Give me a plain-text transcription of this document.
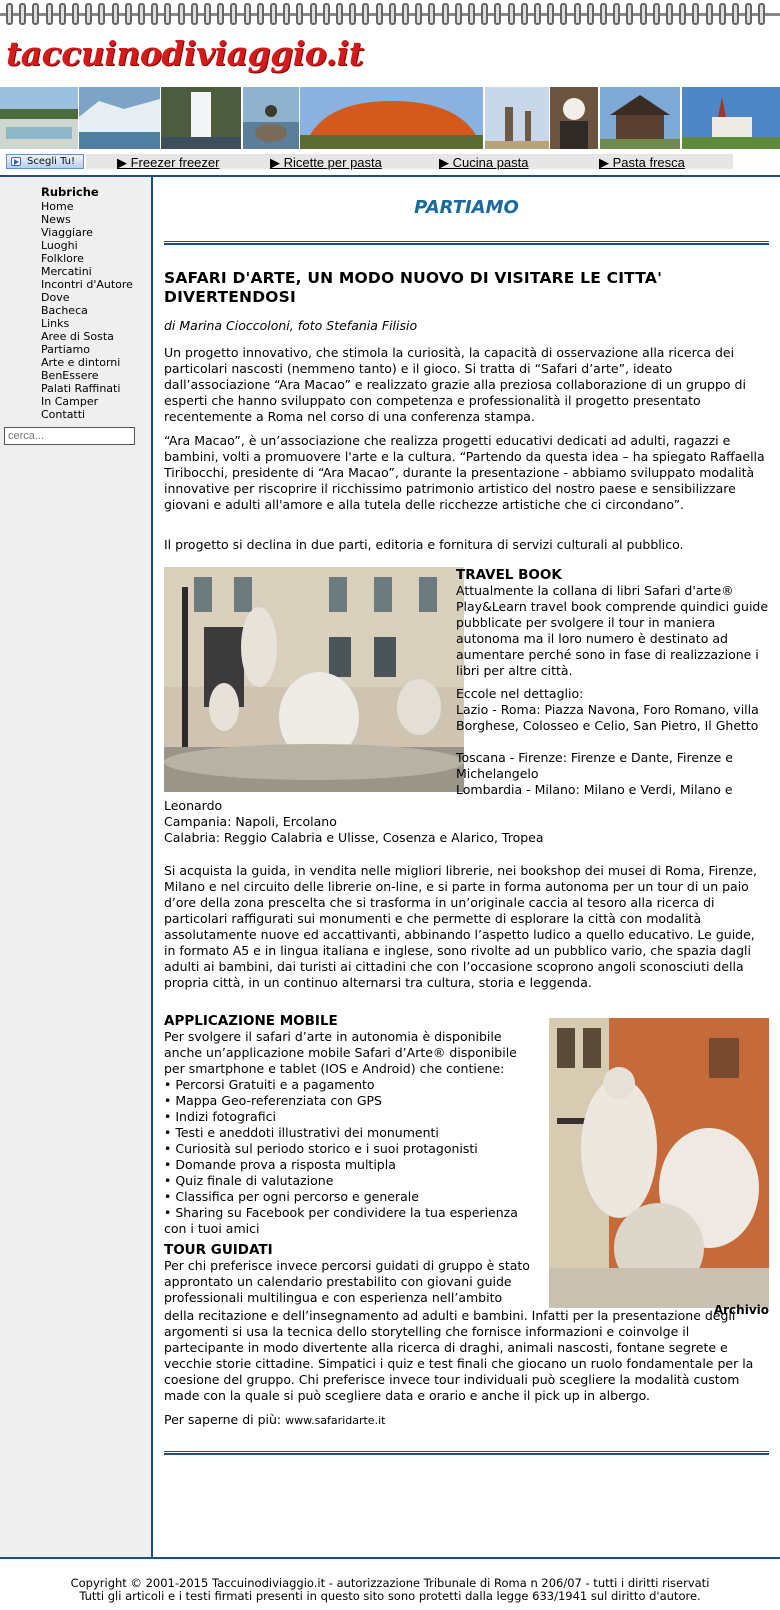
taccuinodiviaggio.it
Scegli Tu!	▶ Freezer freezer	▶ Ricette per pasta	▶ Cucina pasta	▶ Pasta fresca
Rubriche
Home
News
Viaggiare
Luoghi
Folklore
Mercatini
Incontri d'Autore
Dove
Bacheca
Links
Aree di Sosta
Partiamo
Arte e dintorni
BenEssere
Palati Raffinati
In Camper
Contatti
cerca...
PARTIAMO
SAFARI D'ARTE, UN MODO NUOVO DI VISITARE LE CITTA' DIVERTENDOSI
di Marina Cioccoloni, foto Stefania Filisio
Un progetto innovativo, che stimola la curiosità, la capacità di osservazione alla ricerca dei particolari nascosti (nemmeno tanto) e il gioco. Si tratta di “Safari d’arte”, ideato dall’associazione “Ara Macao” e realizzato grazie alla preziosa collaborazione di un gruppo di esperti che hanno sviluppato con competenza e professionalità il progetto presentato recentemente a Roma nel corso di una conferenza stampa.
“Ara Macao”, è un’associazione che realizza progetti educativi dedicati ad adulti, ragazzi e bambini, volti a promuovere l'arte e la cultura. “Partendo da questa idea – ha spiegato Raffaella Tiribocchi, presidente di “Ara Macao”, durante la presentazione - abbiamo sviluppato modalità innovative per riscoprire il ricchissimo patrimonio artistico del nostro paese e sensibilizzare giovani e adulti all'amore e alla tutela delle ricchezze artistiche che ci circondano”.
Il progetto si declina in due parti, editoria e fornitura di servizi culturali al pubblico.
TRAVEL BOOK
Attualmente la collana di libri Safari d'arte® Play&Learn travel book comprende quindici guide pubblicate per svolgere il tour in maniera autonoma ma il loro numero è destinato ad aumentare perché sono in fase di realizzazione i libri per altre città.
Eccole nel dettaglio:
Lazio - Roma: Piazza Navona, Foro Romano, villa Borghese, Colosseo e Celio, San Pietro, Il Ghetto
Toscana - Firenze: Firenze e Dante, Firenze e Michelangelo
Lombardia - Milano: Milano e Verdi, Milano e
Leonardo
Campania: Napoli, Ercolano
Calabria: Reggio Calabria e Ulisse, Cosenza e Alarico, Tropea
Si acquista la guida, in vendita nelle migliori librerie, nei bookshop dei musei di Roma, Firenze, Milano e nel circuito delle librerie on-line, e si parte in forma autonoma per un tour di un paio d’ore della zona prescelta che si trasforma in un’originale caccia al tesoro alla ricerca di particolari raffigurati sui monumenti e che permette di esplorare la città con modalità assolutamente nuove ed accattivanti, abbinando l’aspetto ludico a quello educativo. Le guide, in formato A5 e in lingua italiana e inglese, sono rivolte ad un pubblico vario, che spazia dagli adulti ai bambini, dai turisti ai cittadini che con l’occasione scoprono angoli sconosciuti della propria città, in un continuo alternarsi tra cultura, storia e leggenda.
APPLICAZIONE MOBILE
Per svolgere il safari d’arte in autonomia è disponibile anche un’applicazione mobile Safari d’Arte® disponibile per smartphone e tablet (IOS e Android) che contiene:
• Percorsi Gratuiti e a pagamento
• Mappa Geo-referenziata con GPS
• Indizi fotografici
• Testi e aneddoti illustrativi dei monumenti
• Curiosità sul periodo storico e i suoi protagonisti
• Domande prova a risposta multipla
• Quiz finale di valutazione
• Classifica per ogni percorso e generale
• Sharing su Facebook per condividere la tua esperienza con i tuoi amici
TOUR GUIDATI
Per chi preferisce invece percorsi guidati di gruppo è stato approntato un calendario prestabilito con giovani guide professionali multilingua e con esperienza nell’ambito
della recitazione e dell’insegnamento ad adulti e bambini. Infatti per la presentazione degli argomenti si usa la tecnica dello storytelling che fornisce informazioni e coinvolge il partecipante in modo divertente alla ricerca di draghi, animali nascosti, fontane segrete e vecchie storie cittadine. Simpatici i quiz e test finali che giocano un ruolo fondamentale per la coesione del gruppo. Chi preferisce invece tour individuali può scegliere la modalità custom made con la quale si può scegliere data e orario e anche il pick up in albergo.
Per saperne di più: www.safaridarte.it
Archivio
Copyright © 2001-2015 Taccuinodiviaggio.it - autorizzazione Tribunale di Roma n 206/07 - tutti i diritti riservati
Tutti gli articoli e i testi firmati presenti in questo sito sono protetti dalla legge 633/1941 sul diritto d'autore.
